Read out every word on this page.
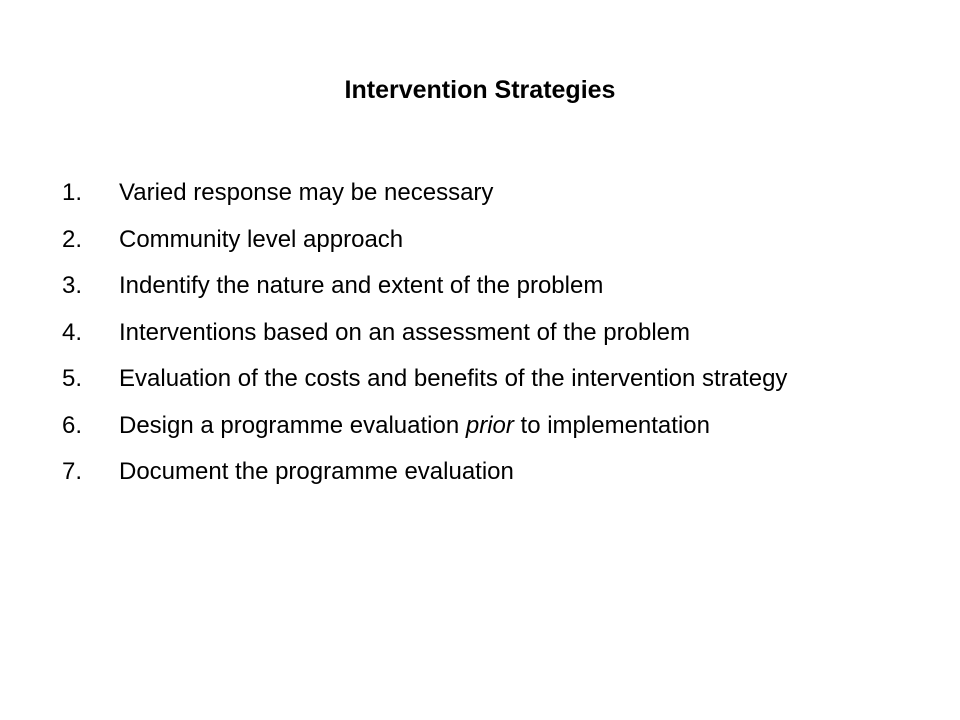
Intervention Strategies
1.	Varied response may be necessary
2.	Community level approach
3.	Indentify the nature and extent of the problem
4.	Interventions based on an assessment of the problem
5.	Evaluation of the costs and benefits of the intervention strategy
6.	Design a programme evaluation prior to implementation
7.	Document the programme evaluation
